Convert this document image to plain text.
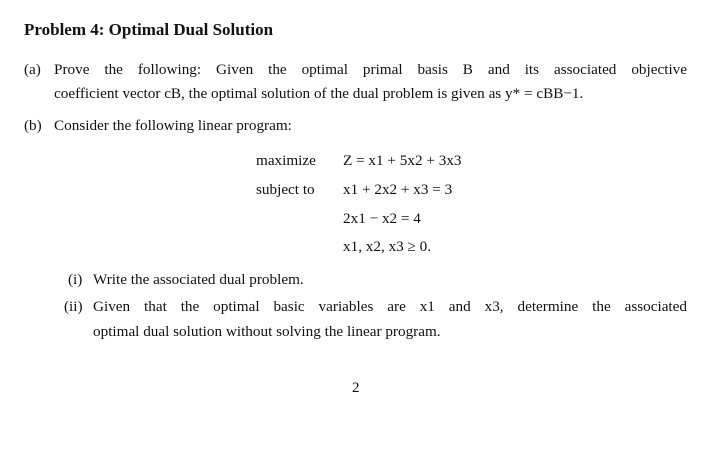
Problem 4: Optimal Dual Solution
(a) Prove the following: Given the optimal primal basis B and its associated objective
coefficient vector cB, the optimal solution of the dual problem is given as y* = cBB−1.
(b) Consider the following linear program:
maximize Z = x1 + 5x2 + 3x3
subject to x1 + 2x2 + x3 = 3
2x1 − x2 = 4
x1, x2, x3 ≥ 0.
(i) Write the associated dual problem.
(ii) Given that the optimal basic variables are x1 and x3, determine the associated
optimal dual solution without solving the linear program.
2
